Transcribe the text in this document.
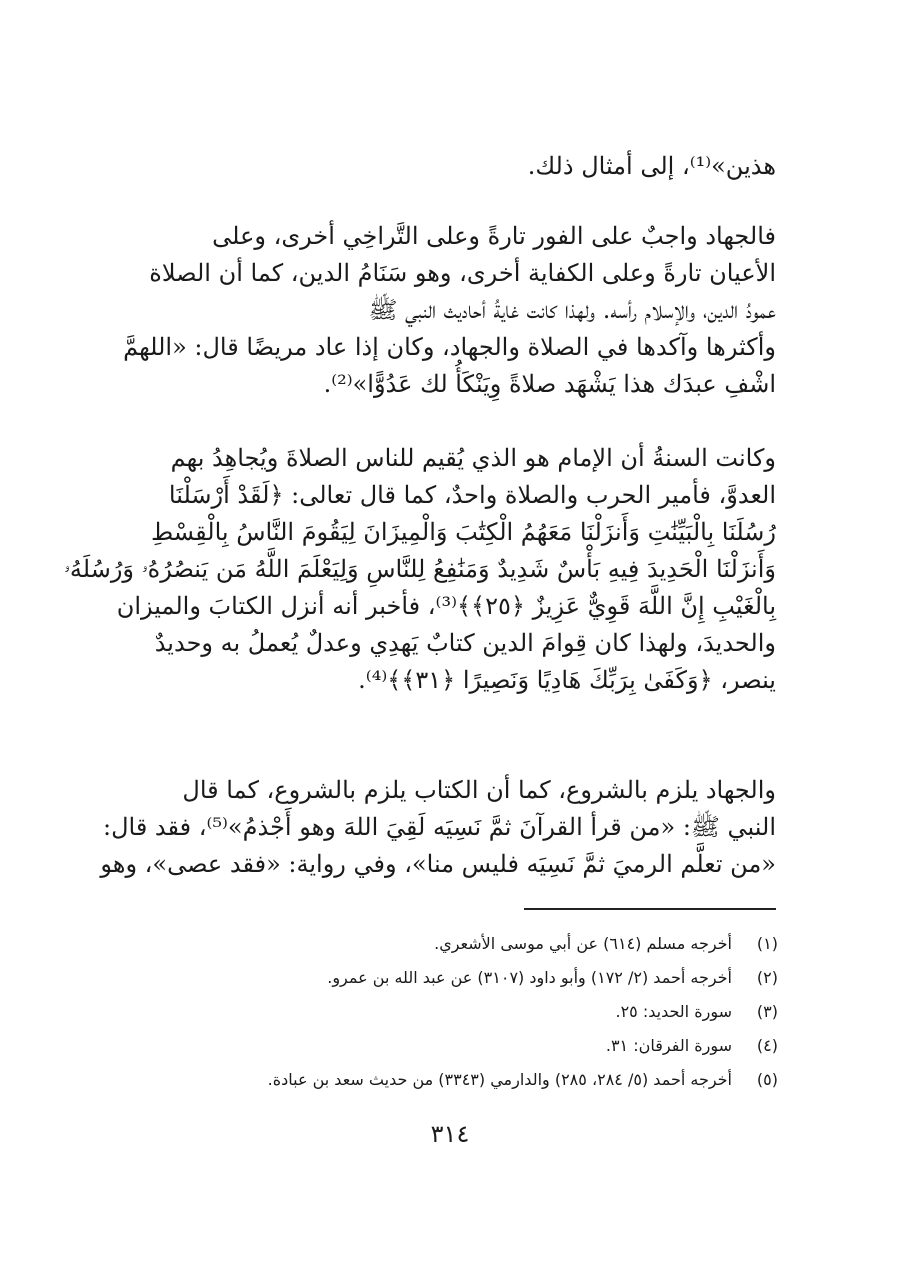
هذين»⁽¹⁾، إلى أمثال ذلك.
فالجهاد واجبٌ على الفور تارةً وعلى التَّراخِي أخرى، وعلى
الأعيان تارةً وعلى الكفاية أخرى، وهو سَنَامُ الدين، كما أن الصلاة
عمودُ الدين، والإسلام رأسه. ولهذا كانت غايةُ أحاديث النبي ﷺ
وأكثرها وآكدها في الصلاة والجهاد، وكان إذا عاد مريضًا قال: «اللهمَّ
اشْفِ عبدَك هذا يَشْهَد صلاةً وِيَنْكَأُ لك عَدُوًّا»⁽²⁾.
وكانت السنةُ أن الإمام هو الذي يُقيم للناس الصلاةَ ويُجاهِدُ بهم
العدوَّ، فأمير الحرب والصلاة واحدٌ، كما قال تعالى: ﴿لَقَدْ أَرْسَلْنَا
رُسُلَنَا بِالْبَيِّنَٰتِ وَأَنزَلْنَا مَعَهُمُ الْكِتَٰبَ وَالْمِيزَانَ لِيَقُومَ النَّاسُ بِالْقِسْطِ
وَأَنزَلْنَا الْحَدِيدَ فِيهِ بَأْسٌ شَدِيدٌ وَمَنَٰفِعُ لِلنَّاسِ وَلِيَعْلَمَ اللَّهُ مَن يَنصُرُهُۥ وَرُسُلَهُۥ
بِالْغَيْبِ إِنَّ اللَّهَ قَوِيٌّ عَزِيزٌ ﴿٢٥﴾﴾⁽³⁾، فأخبر أنه أنزل الكتابَ والميزان
والحديدَ، ولهذا كان قِوامَ الدين كتابٌ يَهدِي وعدلٌ يُعملُ به وحديدٌ
ينصر، ﴿وَكَفَىٰ بِرَبِّكَ هَادِيًا وَنَصِيرًا ﴿٣١﴾﴾⁽⁴⁾.
والجهاد يلزم بالشروع، كما أن الكتاب يلزم بالشروع، كما قال
النبي ﷺ: «من قرأ القرآنَ ثمَّ نَسِيَه لَقِيَ اللهَ وهو أَجْذمُ»⁽⁵⁾، فقد قال:
«من تعلَّم الرميَ ثمَّ نَسِيَه فليس منا»، وفي رواية: «فقد عصى»، وهو
(١)
أخرجه مسلم (٦١٤) عن أبي موسى الأشعري.
(٢)
أخرجه أحمد (٢/ ١٧٢) وأبو داود (٣١٠٧) عن عبد الله بن عمرو.
(٣)
سورة الحديد: ٢٥.
(٤)
سورة الفرقان: ٣١.
(٥)
أخرجه أحمد (٥/ ٢٨٤، ٢٨٥) والدارمي (٣٣٤٣) من حديث سعد بن عبادة.
٣١٤
